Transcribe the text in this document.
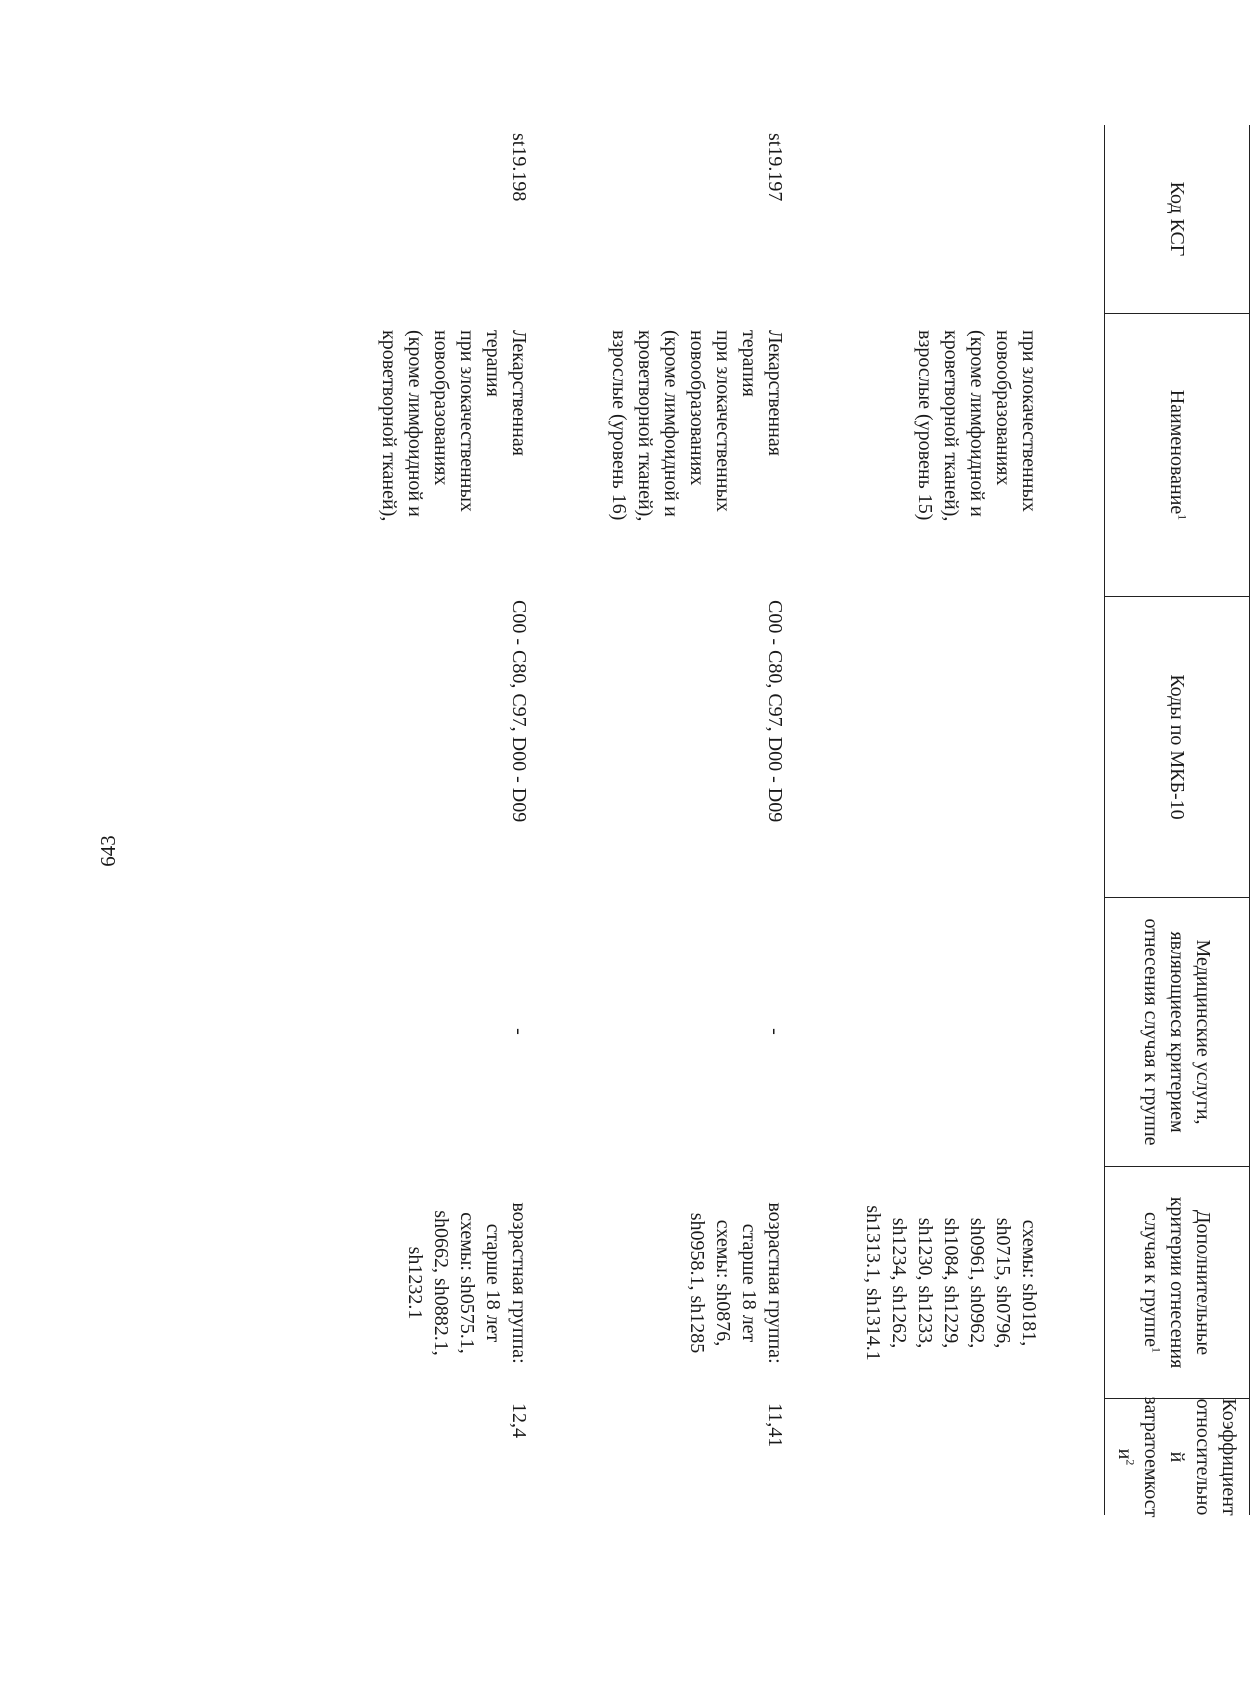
643
Код КСГ
Наименование$^1$
Коды по МКБ-10
Медицинские услуги, являющиеся критерием отнесения случая к группе
Дополнительные критерии отнесения случая к группе$^1$
Коэффициент относительно й затратоемкост $и^2$
при злокачественных
новообразованиях
(кроме лимфоидной и
кроветворной тканей),
взрослые (уровень 15)
схемы: sh0181,
sh0715, sh0796,
sh0961, sh0962,
sh1084, sh1229,
sh1230, sh1233,
sh1234, sh1262,
sh1313.1, sh1314.1
st19.197
Лекарственная
терапия
при злокачественных
новообразованиях
(кроме лимфоидной и
кроветворной тканей),
взрослые (уровень 16)
C00 - C80, C97, D00 - D09
-
возрастная группа:
старше 18 лет
схемы: sh0876,
sh0958.1, sh1285
11,41
st19.198
Лекарственная
терапия
при злокачественных
новообразованиях
(кроме лимфоидной и
кроветворной тканей),
C00 - C80, C97, D00 - D09
-
возрастная группа:
старше 18 лет
схемы: sh0575.1,
sh0662, sh0882.1,
sh1232.1
12,4
